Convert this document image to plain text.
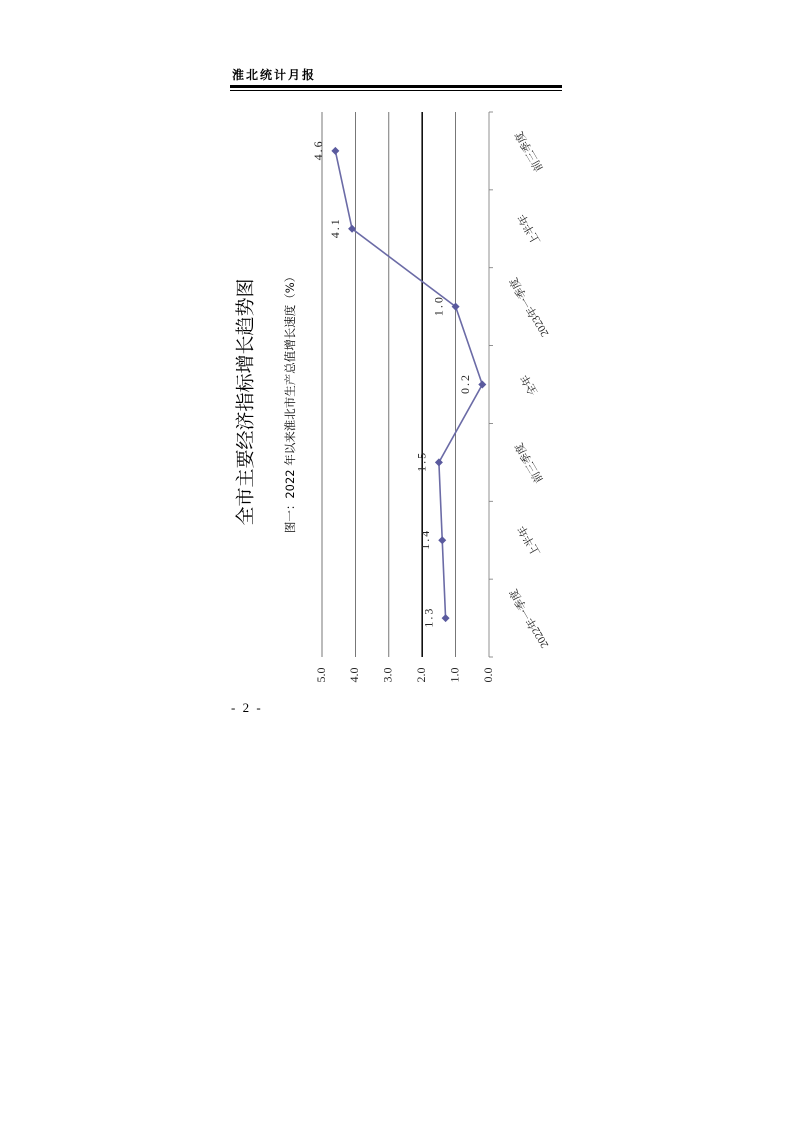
淮北统计月报
全市主要经济指标增长趋势图 图一：2022 年以来淮北市生产总值增长速度（%）
0.0
1.0
2.0
3.0
4.0
5.0
2022年一季度
上半年
前三季度
全年
2023年一季度
上半年
前三季度
1.3
1.4
1.5
0.2
1.0
4.1
4.6
- 2 -
